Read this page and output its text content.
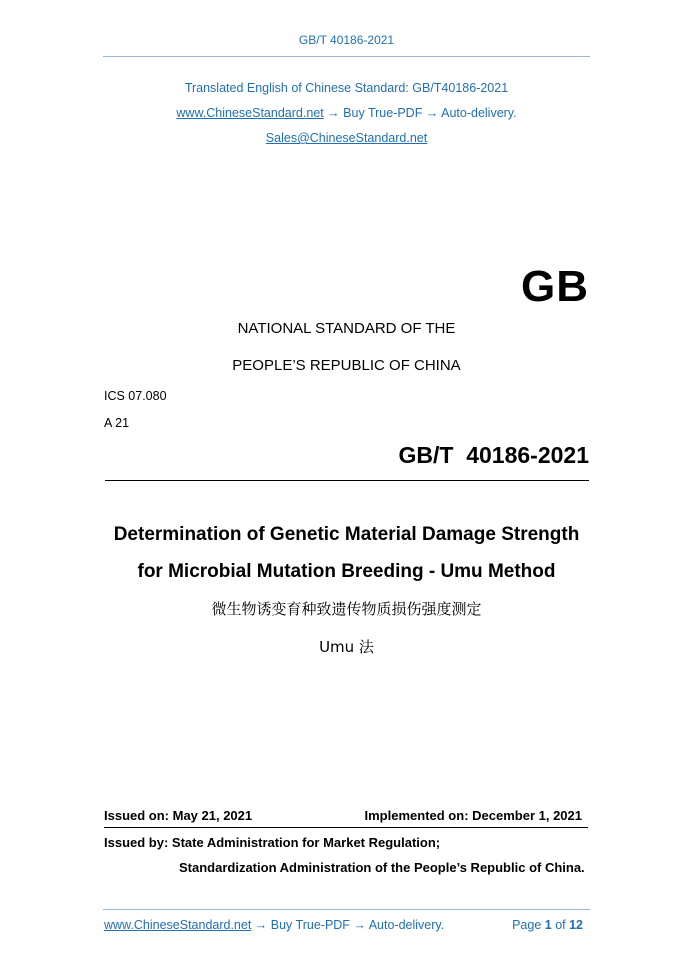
GB/T 40186-2021
Translated English of Chinese Standard: GB/T40186-2021
www.ChineseStandard.net → Buy True-PDF → Auto-delivery.
Sales@ChineseStandard.net
GB
NATIONAL STANDARD OF THE
PEOPLE’S REPUBLIC OF CHINA
ICS 07.080
A 21
GB/T  40186-2021
Determination of Genetic Material Damage Strength
for Microbial Mutation Breeding - Umu Method
微生物诱变育种致遗传物质损伤强度测定
Umu 法
Issued on: May 21, 2021	Implemented on: December 1, 2021
Issued by: State Administration for Market Regulation;
Standardization Administration of the People’s Republic of China.
www.ChineseStandard.net → Buy True-PDF → Auto-delivery.	Page 1 of 12
